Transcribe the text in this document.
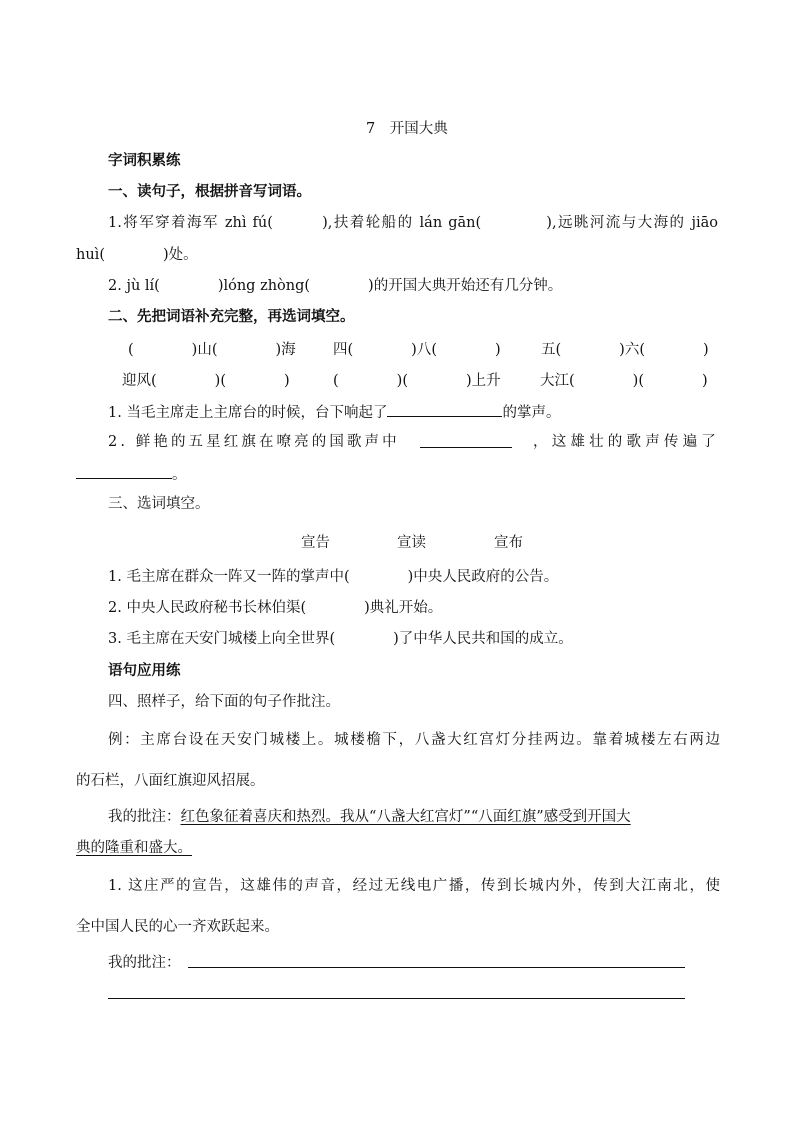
7　开国大典
字词积累练
一、读句子，根据拼音写词语。
1.将军穿着海军 zhì fú(　　　),扶着轮船的 lán gān(　　　　),远眺河流与大海的 jiāo
huì(　　　　)处。
2. jù lí(　　　　)lóng zhòng(　　　　)的开国大典开始还有几分钟。
二、先把词语补充完整，再选词填空。
(　　　　)山(　　　　)海	四(　　　　)八(　　　　)	五(　　　　)六(　　　　)
迎风(　　　　)(　　　　)	(　　　　)(　　　　)上升	大江(　　　　)(　　　　)
1. 当毛主席走上主席台的时候，台下响起了	的掌声。
2. 鲜艳的五星红旗在嘹亮的国歌声中	，这雄壮的歌声传遍了
。
三、选词填空。
宣告	宣读	宣布
1. 毛主席在群众一阵又一阵的掌声中(　　　　)中央人民政府的公告。
2. 中央人民政府秘书长林伯渠(　　　　)典礼开始。
3. 毛主席在天安门城楼上向全世界(　　　　)了中华人民共和国的成立。
语句应用练
四、照样子，给下面的句子作批注。
例：主席台设在天安门城楼上。城楼檐下，八盏大红宫灯分挂两边。靠着城楼左右两边
的石栏，八面红旗迎风招展。
我的批注：红色象征着喜庆和热烈。我从“八盏大红宫灯”“八面红旗”感受到开国大
典的隆重和盛大。
1. 这庄严的宣告，这雄伟的声音，经过无线电广播，传到长城内外，传到大江南北，使
全中国人民的心一齐欢跃起来。
我的批注：
